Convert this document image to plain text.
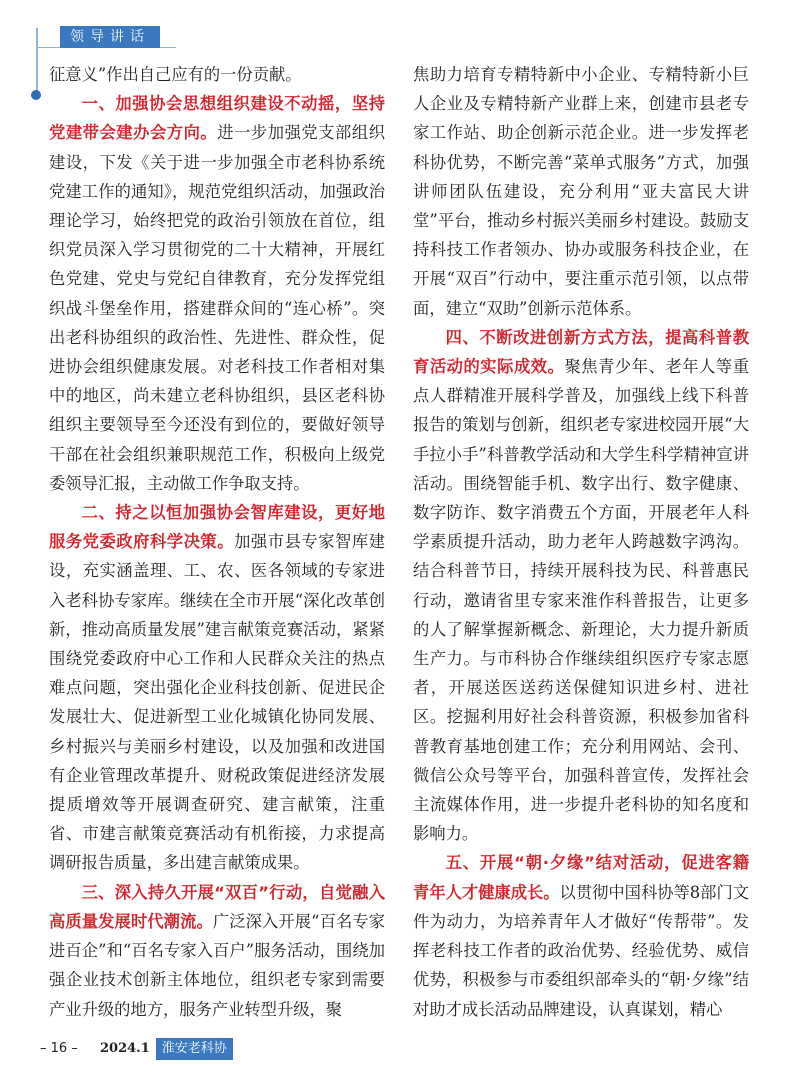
领导讲话

征意义”作出自己应有的一份贡献。

一、加强协会思想组织建设不动摇，坚持党建带会建办会方向。进一步加强党支部组织建设，下发《关于进一步加强全市老科协系统党建工作的通知》，规范党组织活动，加强政治理论学习，始终把党的政治引领放在首位，组织党员深入学习贯彻党的二十大精神，开展红色党建、党史与党纪自律教育，充分发挥党组织战斗堡垒作用，搭建群众间的“连心桥”。突出老科协组织的政治性、先进性、群众性，促进协会组织健康发展。对老科技工作者相对集中的地区，尚未建立老科协组织，县区老科协组织主要领导至今还没有到位的，要做好领导干部在社会组织兼职规范工作，积极向上级党委领导汇报，主动做工作争取支持。

二、持之以恒加强协会智库建设，更好地服务党委政府科学决策。加强市县专家智库建设，充实涵盖理、工、农、医各领域的专家进入老科协专家库。继续在全市开展“深化改革创新，推动高质量发展”建言献策竞赛活动，紧紧围绕党委政府中心工作和人民群众关注的热点难点问题，突出强化企业科技创新、促进民企发展壮大、促进新型工业化城镇化协同发展、乡村振兴与美丽乡村建设，以及加强和改进国有企业管理改革提升、财税政策促进经济发展提质增效等开展调查研究、建言献策，注重省、市建言献策竞赛活动有机衔接，力求提高调研报告质量，多出建言献策成果。

三、深入持久开展“双百”行动，自觉融入高质量发展时代潮流。广泛深入开展“百名专家进百企”和“百名专家入百户”服务活动，围绕加强企业技术创新主体地位，组织老专家到需要产业升级的地方，服务产业转型升级，聚

焦助力培育专精特新中小企业、专精特新小巨人企业及专精特新产业群上来，创建市县老专家工作站、助企创新示范企业。进一步发挥老科协优势，不断完善“菜单式服务”方式，加强讲师团队伍建设，充分利用“亚夫富民大讲堂”平台，推动乡村振兴美丽乡村建设。鼓励支持科技工作者领办、协办或服务科技企业，在开展“双百”行动中，要注重示范引领，以点带面，建立“双助”创新示范体系。

四、不断改进创新方式方法，提高科普教育活动的实际成效。聚焦青少年、老年人等重点人群精准开展科学普及，加强线上线下科普报告的策划与创新，组织老专家进校园开展“大手拉小手”科普教学活动和大学生科学精神宣讲活动。围绕智能手机、数字出行、数字健康、数字防诈、数字消费五个方面，开展老年人科学素质提升活动，助力老年人跨越数字鸿沟。结合科普节日，持续开展科技为民、科普惠民行动，邀请省里专家来淮作科普报告，让更多的人了解掌握新概念、新理论，大力提升新质生产力。与市科协合作继续组织医疗专家志愿者，开展送医送药送保健知识进乡村、进社区。挖掘利用好社会科普资源，积极参加省科普教育基地创建工作；充分利用网站、会刊、微信公众号等平台，加强科普宣传，发挥社会主流媒体作用，进一步提升老科协的知名度和影响力。

五、开展“朝·夕缘”结对活动，促进客籍青年人才健康成长。以贯彻中国科协等8部门文件为动力，为培养青年人才做好“传帮带”。发挥老科技工作者的政治优势、经验优势、威信优势，积极参与市委组织部牵头的“朝·夕缘”结对助才成长活动品牌建设，认真谋划，精心

– 16 –	2024.1 淮安老科协
